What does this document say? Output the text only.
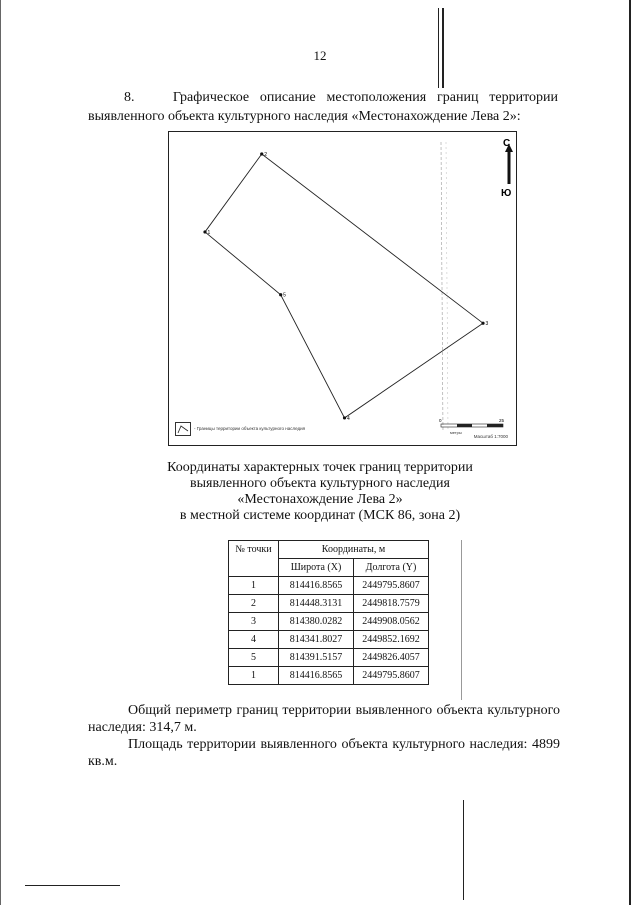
12
8.	Графическое описание местоположения границ территории выявленного объекта культурного наследия «Местонахождение Лева 2»:
1
2
3
4
5
С
Ю
0	25
- Границы территории объекта культурного наследия
метры
Масштаб 1:7000
Координаты характерных точек границ территории
выявленного объекта культурного наследия
«Местонахождение Лева 2»
в местной системе координат (МСК 86, зона 2)
№ точки	Координаты, м	
	Широта (X)	Долгота (Y)
1	814416.8565	2449795.8607
2	814448.3131	2449818.7579
3	814380.0282	2449908.0562
4	814341.8027	2449852.1692
5	814391.5157	2449826.4057
1	814416.8565	2449795.8607
Общий периметр границ территории выявленного объекта культурного наследия: 314,7 м.
Площадь территории выявленного объекта культурного наследия: 4899 кв.м.
